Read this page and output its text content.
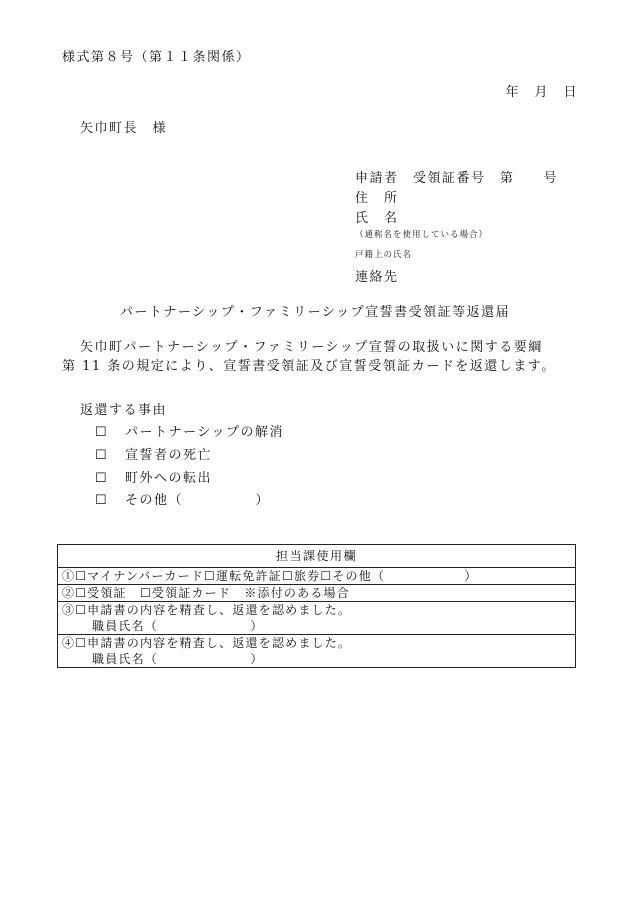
様式第８号（第１１条関係）
年　月　日
矢巾町長　様
申請者　受領証番号　第　　号
住　所
氏　名
（通称名を使用している場合）
戸籍上の氏名
連絡先
パートナーシップ・ファミリーシップ宣誓書受領証等返還届
矢巾町パートナーシップ・ファミリーシップ宣誓の取扱いに関する要綱
第 11 条の規定により、宣誓書受領証及び宣誓受領証カードを返還します。
返還する事由
☐ パートナーシップの解消
☐ 宣誓者の死亡
☐ 町外への転出
☐ その他（　　　　　）
担当課使用欄
①☐マイナンバーカード☐運転免許証☐旅券☐その他（　　　　　　）
②☐受領証　☐受領証カード　※添付のある場合
③☐申請書の内容を精査し、返還を認めました。
職員氏名（　　　　　　　）
④☐申請書の内容を精査し、返還を認めました。
職員氏名（　　　　　　　）
